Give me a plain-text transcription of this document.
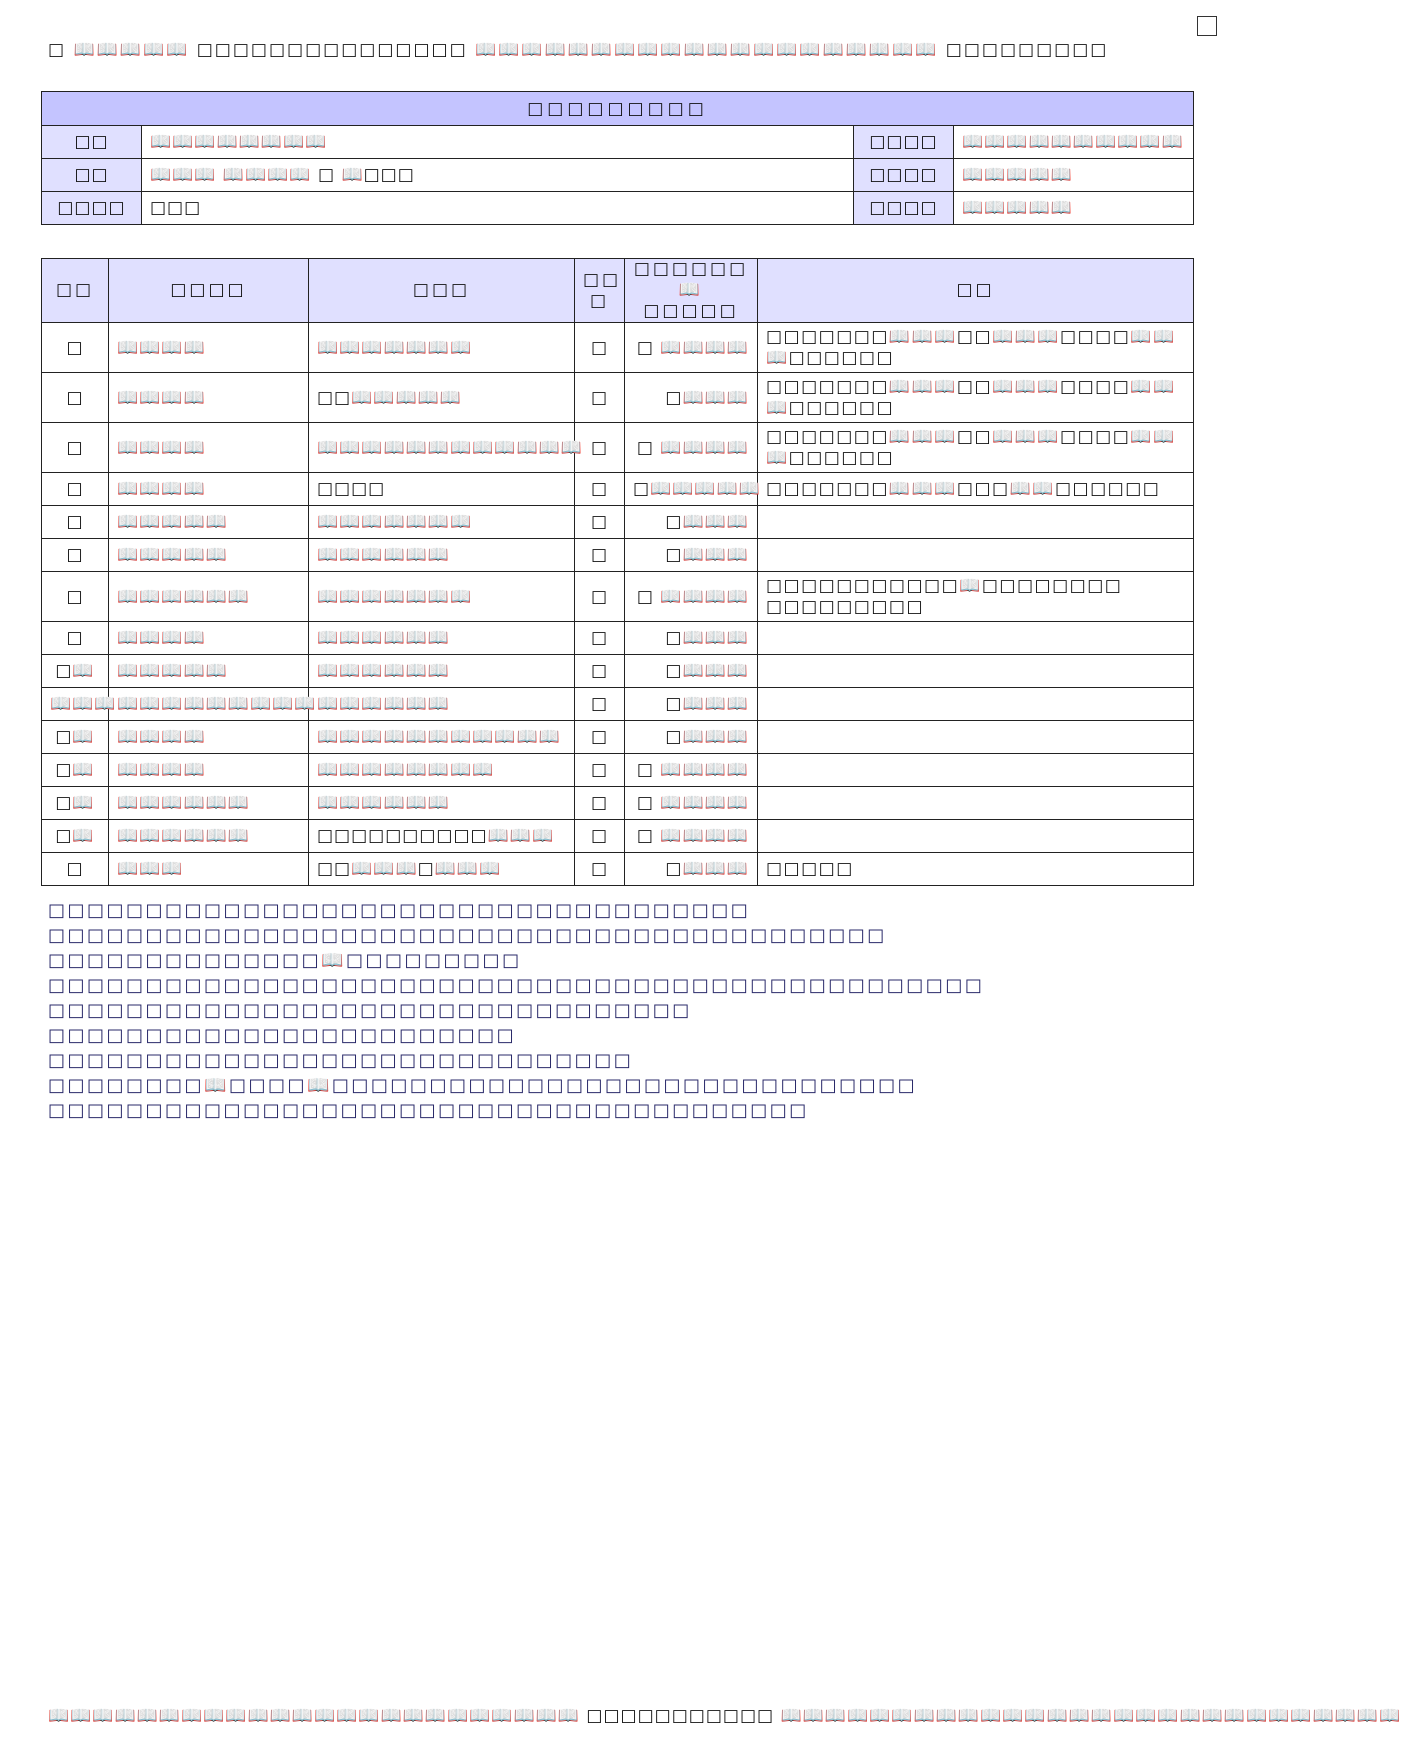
□ 📖📖📖📖📖 □□□□□□□□□□□□□□□ 📖📖📖📖📖📖📖📖📖📖📖📖📖📖📖📖📖📖📖📖 □□□□□□□□□
□□□□□□□□□			
□□	📖📖📖📖📖📖📖📖	□□□□	📖📖📖📖📖📖📖📖📖📖
□□	📖📖📖 📖📖📖📖 □ 📖□□□	□□□□	📖📖📖📖📖
□□□□	□□□	□□□□	📖📖📖📖📖
□□	□□□□	□□□	□□ □	□□□□□□ 📖□□□□□	□□
□	📖📖📖📖	📖📖📖📖📖📖📖	□	□ 📖📖📖📖	□□□□□□□📖📖📖□□📖📖📖□□□□📖📖 📖□□□□□□
□	📖📖📖📖	□□📖📖📖📖📖	□	□📖📖📖	□□□□□□□📖📖📖□□📖📖📖□□□□📖📖 📖□□□□□□
□	📖📖📖📖	📖📖📖📖📖📖📖📖📖📖📖📖	□	□ 📖📖📖📖	□□□□□□□📖📖📖□□📖📖📖□□□□📖📖 📖□□□□□□
□	📖📖📖📖	□□□□	□	□📖📖📖📖📖	□□□□□□□📖📖📖□□□📖📖□□□□□□
□	📖📖📖📖📖	📖📖📖📖📖📖📖	□	□📖📖📖	
□	📖📖📖📖📖	📖📖📖📖📖📖	□	□📖📖📖	
□	📖📖📖📖📖📖	📖📖📖📖📖📖📖	□	□ 📖📖📖📖	□□□□□□□□□□□📖□□□□□□□□ □□□□□□□□□
□	📖📖📖📖	📖📖📖📖📖📖	□	□📖📖📖	
□📖	📖📖📖📖📖	📖📖📖📖📖📖	□	□📖📖📖	
📖📖📖	📖📖📖📖📖📖📖📖📖	📖📖📖📖📖📖	□	□📖📖📖	
□📖	📖📖📖📖	📖📖📖📖📖📖📖📖📖📖📖	□	□📖📖📖	
□📖	📖📖📖📖	📖📖📖📖📖📖📖📖	□	□ 📖📖📖📖	
□📖	📖📖📖📖📖📖	📖📖📖📖📖📖	□	□ 📖📖📖📖	
□📖	📖📖📖📖📖📖	□□□□□□□□□□📖📖📖	□	□ 📖📖📖📖	
□	📖📖📖	□□📖📖📖□📖📖📖	□	□📖📖📖	□□□□□
□□□□□□□□□□□□□□□□□□□□□□□□□□□□□□□□□□□□
□□□□□□□□□□□□□□□□□□□□□□□□□□□□□□□□□□□□□□□□□□□
□□□□□□□□□□□□□□📖□□□□□□□□□
□□□□□□□□□□□□□□□□□□□□□□□□□□□□□□□□□□□□□□□□□□□□□□□□
□□□□□□□□□□□□□□□□□□□□□□□□□□□□□□□□□
□□□□□□□□□□□□□□□□□□□□□□□□
□□□□□□□□□□□□□□□□□□□□□□□□□□□□□□
□□□□□□□□📖□□□□📖□□□□□□□□□□□□□□□□□□□□□□□□□□□□□□
□□□□□□□□□□□□□□□□□□□□□□□□□□□□□□□□□□□□□□□
📖📖📖📖📖📖📖📖📖📖📖📖📖📖📖📖📖📖📖📖📖📖📖📖 □□□□□□□□□□□ 📖📖📖📖📖📖📖📖📖📖📖📖📖📖📖📖📖📖📖📖📖📖📖📖📖📖📖📖
